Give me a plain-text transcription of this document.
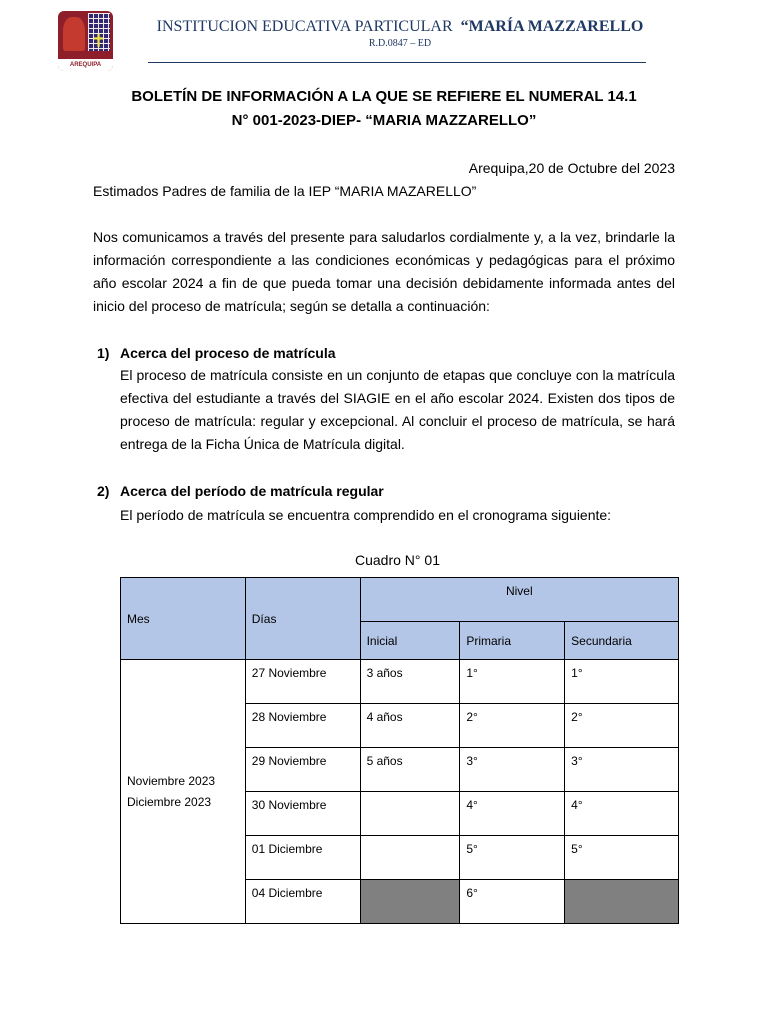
✝
AREQUIPA
INSTITUCION EDUCATIVA PARTICULAR “MARÍA MAZZARELLO
R.D.0847 – ED
BOLETÍN DE INFORMACIÓN A LA QUE SE REFIERE EL NUMERAL 14.1
N° 001-2023-DIEP- “MARIA MAZZARELLO”
Arequipa,20 de Octubre del 2023
Estimados Padres de familia de la IEP “MARIA MAZARELLO”
Nos comunicamos a través del presente para saludarlos cordialmente y, a la vez, brindarle la información correspondiente a las condiciones económicas y pedagógicas para el próximo año escolar 2024 a fin de que pueda tomar una decisión debidamente informada antes del inicio del proceso de matrícula; según se detalla a continuación:
1) Acerca del proceso de matrícula
El proceso de matrícula consiste en un conjunto de etapas que concluye con la matrícula efectiva del estudiante a través del SIAGIE en el año escolar 2024. Existen dos tipos de proceso de matrícula: regular y excepcional. Al concluir el proceso de matrícula, se hará entrega de la Ficha Única de Matrícula digital.
2) Acerca del período de matrícula regular
El período de matrícula se encuentra comprendido en el cronograma siguiente:
Cuadro N° 01
Mes	Días	Nivel		
		Inicial	Primaria	Secundaria

Noviembre 2023
Diciembre 2023	27 Noviembre	3 años	1°	1°
	28 Noviembre	4 años	2°	2°
	29 Noviembre	5 años	3°	3°
	30 Noviembre		4°	4°
	01 Diciembre		5°	5°
	04 Diciembre		6°	
